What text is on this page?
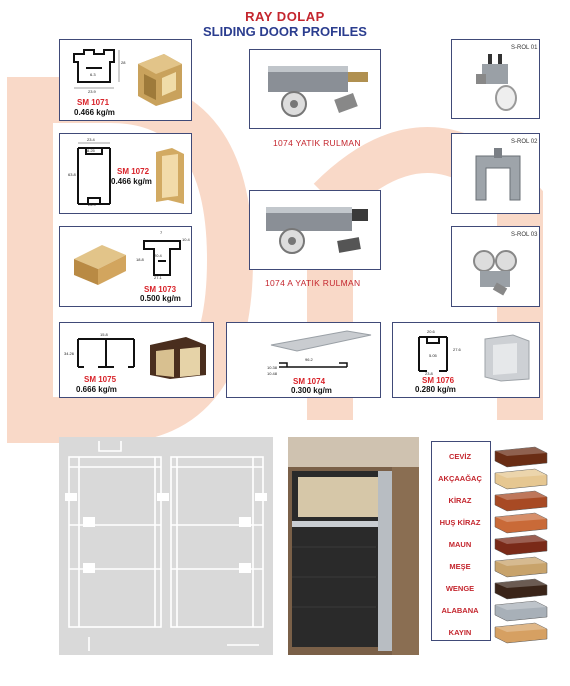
RAY DOLAP
SLIDING DOOR PROFILES
23.9
6.3
28
SM 1071
0.466 kg/m
23.4
8.25
63.8
26.9
SM 1072
0.466 kg/m
7
10.4
20.4
27.1
18.8
SM 1073
0.500 kg/m
1074 YATIK RULMAN
1074 A YATIK RULMAN
S-ROL 01
S-ROL 02
S-ROL 03
15.8
34.26
SM 1075
0.666 kg/m
96.2
10.38
10.48
SM 1074
0.300 kg/m
20.6
5.05
27.6
23.8
SM 1076
0.280 kg/m
CEVİZ
AKÇAAĞAÇ
KİRAZ
HUŞ KİRAZ
MAUN
MEŞE
WENGE
ALABANA
KAYIN
